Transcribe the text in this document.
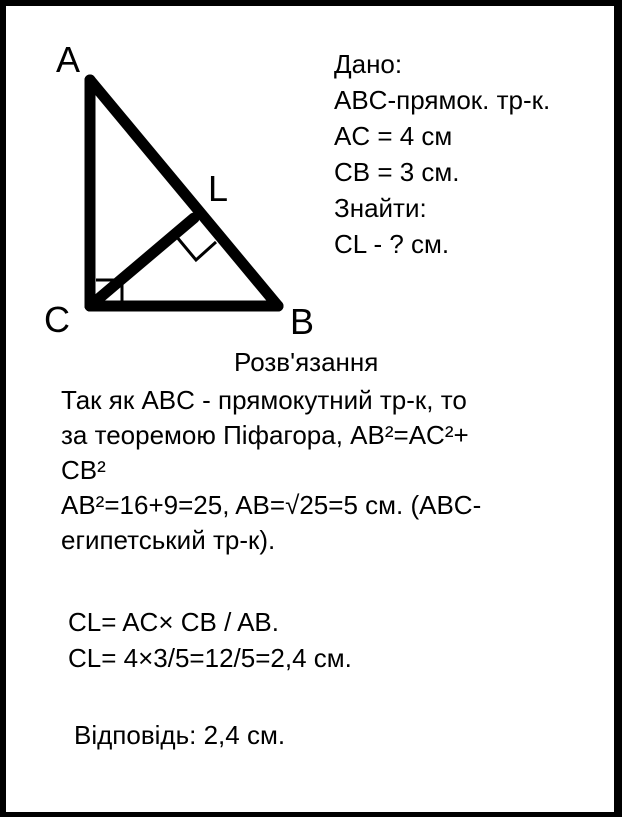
A
L
C	B
Дано:
ABC-прямок. тр-к.
AC = 4 см
CB = 3 см.
Знайти:
CL - ? см.
Розв'язання
Так як ABC - прямокутний тр-к, то
за теоремою Піфагора, AB²=AC²+
CB²
AB²=16+9=25, AB=√25=5 см. (ABC-
египетський тр-к).
CL= AC× CB / AB.
CL= 4×3/5=12/5=2,4 см.
Відповідь: 2,4 см.
